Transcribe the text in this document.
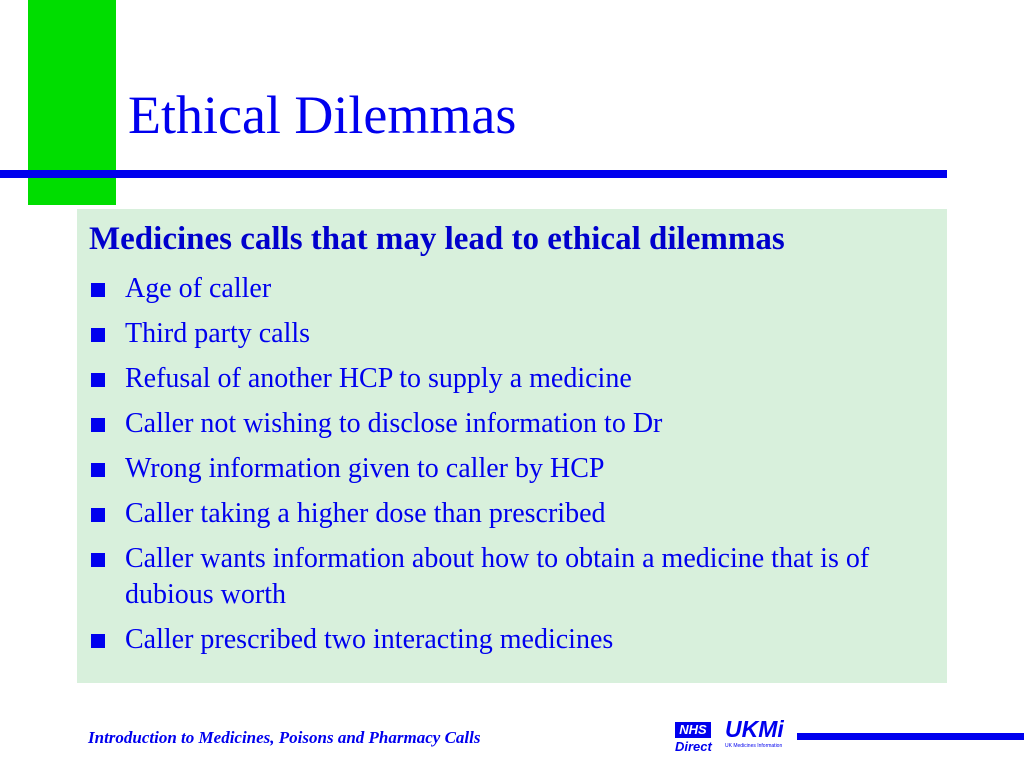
Ethical Dilemmas
Medicines calls that may lead to ethical dilemmas
Age of caller
Third party calls
Refusal of another HCP to supply a medicine
Caller not wishing to disclose information to Dr
Wrong information given to caller by HCP
Caller taking a higher dose than prescribed
Caller wants information about how to obtain a medicine that is of dubious worth
Caller prescribed two interacting medicines
Introduction to Medicines, Poisons and Pharmacy Calls	NHS
Direct
UKMi
UK Medicines Information
